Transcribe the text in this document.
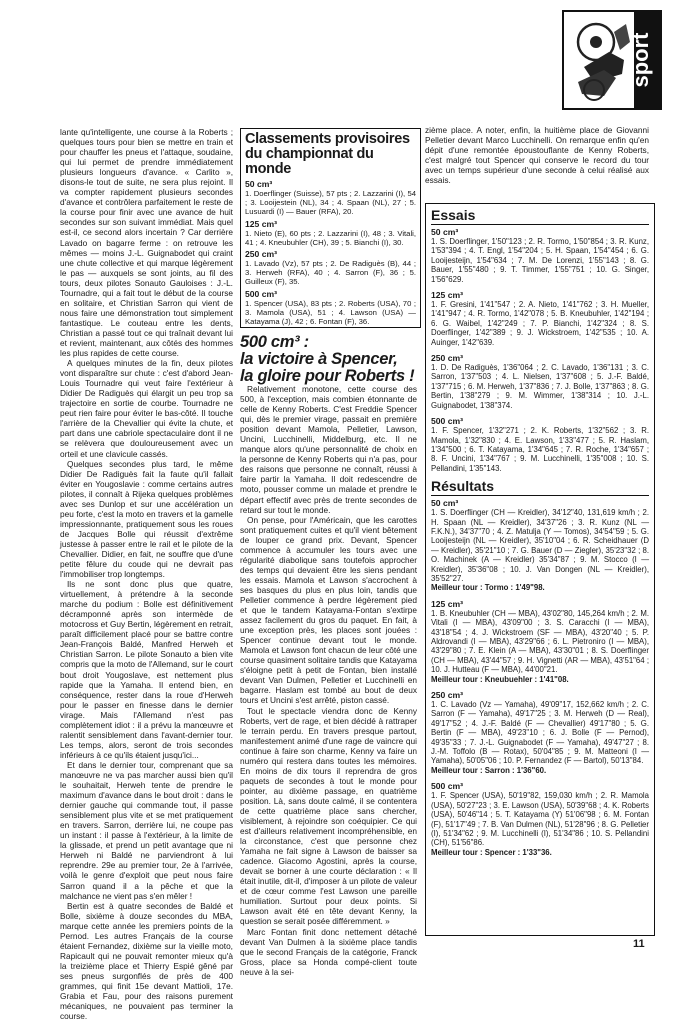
sport

lante qu'intelligente, une course à la Roberts ; quelques tours pour bien se mettre en train et pour chauffer les pneus et l'attaque, soudaine, qui lui permet de prendre immédiatement plusieurs longueurs d'avance. « Carlito », disons-le tout de suite, ne sera plus rejoint. Il va compter rapidement plusieurs secondes d'avance et contrôlera parfaitement le reste de la course pour finir avec une avance de huit secondes sur son suivant immédiat. Mais quel est-il, ce second alors incertain ? Car derrière Lavado on bagarre ferme : on retrouve les mêmes — moins J.-L. Guignabodet qui craint une chute collective et qui marque légèrement le pas — auxquels se sont joints, au fil des tours, deux pilotes Sonauto Gauloises : J.-L. Tournadre, qui a fait tout le début de la course en solitaire, et Christian Sarron qui vient de nous faire une démonstration tout simplement fantastique. Le couteau entre les dents, Christian a passé tout ce qui traînait devant lui et revient, maintenant, aux côtés des hommes les plus rapides de cette course.

A quelques minutes de la fin, deux pilotes vont disparaître sur chute : c'est d'abord Jean-Louis Tournadre qui veut faire l'extérieur à Didier De Radiguès qui élargit un peu trop sa trajectoire en sortie de courbe. Tournadre ne peut rien faire pour éviter le bas-côté. Il touche l'arrière de la Chevallier qui évite la chute, et part dans une cabriole spectaculaire dont il ne se relèvera que douloureusement avec un orteil et une clavicule cassés.

Quelques secondes plus tard, le même Didier De Radiguès fait la faute qu'il fallait éviter en Yougoslavie : comme certains autres pilotes, il connaît à Rijeka quelques problèmes avec ses Dunlop et sur une accélération un peu forte, c'est la moto en travers et la gamelle impressionnante, pratiquement sous les roues de Jacques Bolle qui réussit d'extrême justesse à passer entre le rail et le pilote de la Chevallier. Didier, en fait, ne souffre que d'une petite fêlure du coude qui ne devrait pas l'immobiliser trop longtemps.

Ils ne sont donc plus que quatre, virtuellement, à prétendre à la seconde marche du podium : Bolle est définitivement décramponné après son intermède de motocross et Guy Bertin, légèrement en retrait, paraît difficilement placé pour se battre contre Jean-François Baldé, Manfred Herweh et Christian Sarron. Le pilote Sonauto a bien vite compris que la moto de l'Allemand, sur le court bout droit Yougoslave, est nettement plus rapide que la Yamaha. Il entend bien, en conséquence, rester dans la roue d'Herweh pour le passer en finesse dans le dernier virage. Mais l'Allemand n'est pas complètement idiot : il a prévu la manœuvre et ralentit sensiblement dans l'avant-dernier tour. Les temps, alors, seront de trois secondes inférieurs à ce qu'ils étaient jusqu'ici...

Et dans le dernier tour, comprenant que sa manœuvre ne va pas marcher aussi bien qu'il le souhaitait, Herweh tente de prendre le maximum d'avance dans le bout droit : dans le dernier gauche qui commande tout, il passe sensiblement plus vite et se met pratiquement en travers. Sarron, derrière lui, ne coupe pas un instant : il passe à l'extérieur, à la limite de la glissade, et prend un petit avantage que ni Herweh ni Baldé ne parviendront à lui reprendre. 29e au premier tour, 2e à l'arrivée, voilà le genre d'exploit que peut nous faire Sarron quand il a la pêche et que la malchance ne vient pas s'en mêler !

Bertin est à quatre secondes de Baldé et Bolle, sixième à douze secondes du MBA, marque cette année les premiers points de la Pernod. Les autres Français de la course étaient Fernandez, dixième sur la vieille moto, Rapicault qui ne pouvait remonter mieux qu'à la treizième place et Thierry Espié gêné par ses pneus surgonflés de près de 400 grammes, qui finit 15e devant Mattioli, 17e. Grabia et Fau, pour des raisons purement mécaniques, ne pouvaient pas terminer la course.

Classements provisoires du championnat du monde
50 cm³
1. Doerflinger (Suisse), 57 pts ; 2. Lazzarini (I), 54 ; 3. Looijestein (NL), 34 ; 4. Spaan (NL), 27 ; 5. Lusuardi (I) — Bauer (RFA), 20.
125 cm³
1. Nieto (E), 60 pts ; 2. Lazzarini (I), 48 ; 3. Vitali, 41 ; 4. Kneubuhler (CH), 39 ; 5. Bianchi (I), 30.
250 cm³
1. Lavado (Vz), 57 pts ; 2. De Radiguès (B), 44 ; 3. Herweh (RFA), 40 ; 4. Sarron (F), 36 ; 5. Guilleux (F), 35.
500 cm³
1. Spencer (USA), 83 pts ; 2. Roberts (USA), 70 ; 3. Mamola (USA), 51 ; 4. Lawson (USA) — Katayama (J), 42 ; 6. Fontan (F), 36.
500 cm³ :
la victoire à Spencer,
la gloire pour Roberts !

Relativement monotone, cette course des 500, à l'exception, mais combien étonnante de celle de Kenny Roberts. C'est Freddie Spencer qui, dès le premier virage, passait en première position devant Mamola, Pelletier, Lawson, Uncini, Lucchinelli, Middelburg, etc. Il ne manque alors qu'une personnalité de choix en la personne de Kenny Roberts qui n'a pas, pour des raisons que personne ne connaît, réussi à faire partir la Yamaha. Il doit redescendre de moto, pousser comme un malade et prendre le départ effectif avec près de trente secondes de retard sur tout le monde.

On pense, pour l'Américain, que les carottes sont pratiquement cuites et qu'il vient bêtement de louper ce grand prix. Devant, Spencer commence à accumuler les tours avec une régularité diabolique sans toutefois approcher des temps qui devaient être les siens pendant les essais. Mamola et Lawson s'accrochent à ses basques du plus en plus loin, tandis que Pelletier commence à perdre légèrement pied et que le tandem Katayama-Fontan s'extirpe assez facilement du gros du paquet. En fait, à une exception près, les places sont jouées : Spencer continue devant tout le monde. Mamola et Lawson font chacun de leur côté une course quasiment solitaire tandis que Katayama s'éloigne petit à petit de Fontan, bien installé devant Van Dulmen, Pelletier et Lucchinelli en bagarre. Haslam est tombé au bout de deux tours et Uncini s'est arrêté, piston cassé.

Tout le spectacle viendra donc de Kenny Roberts, vert de rage, et bien décidé à rattraper le terrain perdu. En travers presque partout, manifestement animé d'une rage de vaincre qui continue à faire son charme, Kenny va faire un numéro qui restera dans toutes les mémoires. En moins de dix tours il reprendra de gros paquets de secondes à tout le monde pour pointer, au dixième passage, en quatrième position. Là, sans doute calmé, il se contentera de cette quatrième place sans chercher, visiblement, à rejoindre son coéquipier. Ce qui est d'ailleurs relativement incompréhensible, en la circonstance, c'est que personne chez Yamaha ne fait signe à Lawson de baisser sa cadence. Giacomo Agostini, après la course, devait se borner à une courte déclaration : « Il était inutile, dit-il, d'imposer à un pilote de valeur et de cœur comme l'est Lawson une pareille humiliation. Surtout pour deux points. Si Lawson avait été en tête devant Kenny, la question se serait posée différemment. »

Marc Fontan finit donc nettement détaché devant Van Dulmen à la sixième place tandis que le second Français de la catégorie, Franck Gross, place sa Honda compé-client toute neuve à la sei-

zième place. A noter, enfin, la huitième place de Giovanni Pelletier devant Marco Lucchinelli. On remarque enfin qu'en dépit d'une remontée époustouflante de Kenny Roberts, c'est malgré tout Spencer qui conserve le record du tour avec un temps supérieur d'une seconde à celui réalisé aux essais.

Essais
50 cm³
1. S. Doerflinger, 1'50"123 ; 2. R. Tormo, 1'50"854 ; 3. R. Kunz, 1'53"394 ; 4. T. Engl, 1'54"204 ; 5. H. Spaan, 1'54"454 ; 6. G. Looijesteijn, 1'54"634 ; 7. M. De Lorenzi, 1'55"143 ; 8. G. Bauer, 1'55"480 ; 9. T. Timmer, 1'55"751 ; 10. G. Singer, 1'56"629.
125 cm³
1. F. Gresini, 1'41"547 ; 2. A. Nieto, 1'41"762 ; 3. H. Mueller, 1'41"947 ; 4. R. Tormo, 1'42"078 ; 5. B. Kneubuhler, 1'42"194 ; 6. G. Waibel, 1'42"249 ; 7. P. Bianchi, 1'42"324 ; 8. S. Doerflinger, 1'42"389 ; 9. J. Wickstroem, 1'42"535 ; 10. A. Auinger, 1'42"639.
250 cm³
1. D. De Radiguès, 1'36"064 ; 2. C. Lavado, 1'36"131 ; 3. C. Sarron, 1'37"503 ; 4. L. Nielsen, 1'37"608 ; 5. J.-F. Baldé, 1'37"715 ; 6. M. Herweh, 1'37"836 ; 7. J. Bolle, 1'37"863 ; 8. G. Bertin, 1'38"279 ; 9. M. Wimmer, 1'38"314 ; 10. J.-L. Guignabodet, 1'38"374.
500 cm³
1. F. Spencer, 1'32"271 ; 2. K. Roberts, 1'32"562 ; 3. R. Mamola, 1'32"830 ; 4. E. Lawson, 1'33"477 ; 5. R. Haslam, 1'34"500 ; 6. T. Katayama, 1'34"645 ; 7. R. Roche, 1'34"657 ; 8. F. Uncini, 1'34"767 ; 9. M. Lucchinelli, 1'35"008 ; 10. S. Pellandini, 1'35"143.
Résultats
50 cm³
1. S. Doerflinger (CH — Kreidler), 34'12"40, 131,619 km/h ; 2. H. Spaan (NL — Kreidler), 34'37"26 ; 3. R. Kunz (NL — F.K.N.), 34'37"70 ; 4. Z. Matulja (Y — Tomos), 34'54"59 ; 5. G. Looijesteijn (NL — Kreidler), 35'10"04 ; 6. R. Scheidhauer (D — Kreidler), 35'21"10 ; 7. G. Bauer (D — Ziegler), 35'23"32 ; 8. O. Machinek (A — Kreidler) 35'34"87 ; 9. M. Stocco (I — Kreidler), 35'36"08 ; 10. J. Van Dongen (NL — Kreidler), 35'52"27.
Meilleur tour : Tormo : 1'49"98.
125 cm³
1. B. Kneubuhler (CH — MBA), 43'02"80, 145,264 km/h ; 2. M. Vitali (I — MBA), 43'09"00 ; 3. S. Caracchi (I — MBA), 43'18"54 ; 4. J. Wickstroem (SF — MBA), 43'20"40 ; 5. P. Aldrovandi (I — MBA), 43'29"66 ; 6. L. Pietroniro (I — MBA), 43'29"80 ; 7. E. Klein (A — MBA), 43'30"01 ; 8. S. Doerflinger (CH — MBA), 43'44"57 ; 9. H. Vignetti (AR — MBA), 43'51"64 ; 10. J. Hutteau (F — MBA), 44'00"21.
Meilleur tour : Kneubuehler : 1'41"08.
250 cm³
1. C. Lavado (Vz — Yamaha), 49'09"17, 152,662 km/h ; 2. C. Sarron (F — Yamaha), 49'17"25 ; 3. M. Herweh (D — Real), 49'17"52 ; 4. J.-F. Baldé (F — Chevallier) 49'17"80 ; 5. G. Bertin (F — MBA), 49'23"10 ; 6. J. Bolle (F — Pernod), 49'35"33 ; 7. J.-L. Guignabodet (F — Yamaha), 49'47"27 ; 8. J.-M. Toffolo (B — Rotax), 50'04"85 ; 9. M. Matteoni (I — Yamaha), 50'05"06 ; 10. P. Fernandez (F — Bartol), 50'13"84.
Meilleur tour : Sarron : 1'36"60.
500 cm³
1. F. Spencer (USA), 50'19"82, 159,030 km/h ; 2. R. Mamola (USA), 50'27"23 ; 3. E. Lawson (USA), 50'39"68 ; 4. K. Roberts (USA), 50'46"14 ; 5. T. Katayama (Y) 51'06"98 ; 6. M. Fontan (F), 51'17"49 ; 7. B. Van Dulmen (NL), 51'28"96 ; 8. G. Pelletier (I), 51'34"62 ; 9. M. Lucchinelli (I), 51'34"86 ; 10. S. Pellandini (CH), 51'56"86.
Meilleur tour : Spencer : 1'33"36.
11
